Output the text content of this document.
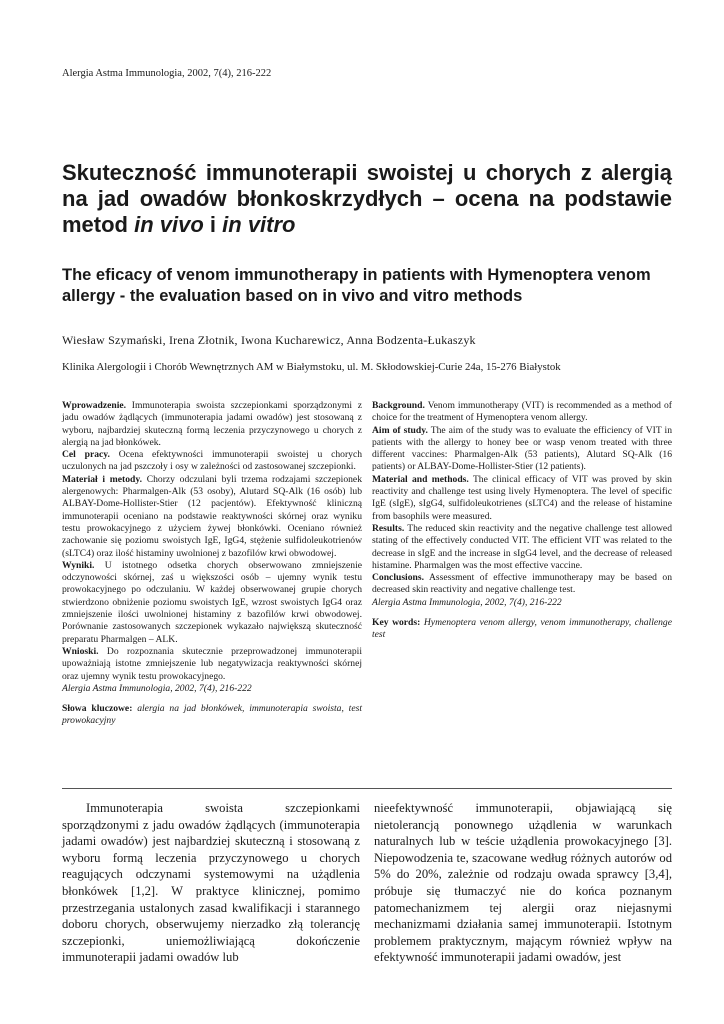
Alergia Astma Immunologia, 2002, 7(4), 216-222
Skuteczność immunoterapii swoistej u chorych z alergią na jad owadów błonkoskrzydłych – ocena na podstawie metod in vivo i in vitro
The eficacy of venom immunotherapy in patients with Hymenoptera venom allergy - the evaluation based on in vivo and vitro methods
Wiesław Szymański, Irena Złotnik, Iwona Kucharewicz, Anna Bodzenta-Łukaszyk
Klinika Alergologii i Chorób Wewnętrznych AM w Białymstoku, ul. M. Skłodowskiej-Curie 24a, 15-276 Białystok

Wprowadzenie. Immunoterapia swoista szczepionkami sporządzonymi z jadu owadów żądlących (immunoterapia jadami owadów) jest stosowaną z wyboru, najbardziej skuteczną formą leczenia przyczynowego u chorych z alergią na jad błonkówek.

Cel pracy. Ocena efektywności immunoterapii swoistej u chorych uczulonych na jad pszczoły i osy w zależności od zastosowanej szczepionki.

Materiał i metody. Chorzy odczulani byli trzema rodzajami szczepionek alergenowych: Pharmalgen-Alk (53 osoby), Alutard SQ-Alk (16 osób) lub ALBAY-Dome-Hollister-Stier (12 pacjentów). Efektywność kliniczną immunoterapii oceniano na podstawie reaktywności skórnej oraz wyniku testu prowokacyjnego z użyciem żywej błonkówki. Oceniano również zachowanie się poziomu swoistych IgE, IgG4, stężenie sulfidoleukotrienów (sLTC4) oraz ilość histaminy uwolnionej z bazofilów krwi obwodowej.

Wyniki. U istotnego odsetka chorych obserwowano zmniejszenie odczynowości skórnej, zaś u większości osób – ujemny wynik testu prowokacyjnego po odczulaniu. W każdej obserwowanej grupie chorych stwierdzono obniżenie poziomu swoistych IgE, wzrost swoistych IgG4 oraz zmniejszenie ilości uwolnionej histaminy z bazofilów krwi obwodowej. Porównanie zastosowanych szczepionek wykazało największą skuteczność preparatu Pharmalgen – ALK.

Wnioski. Do rozpoznania skutecznie przeprowadzonej immunoterapii upoważniają istotne zmniejszenie lub negatywizacja reaktywności skórnej oraz ujemny wynik testu prowokacyjnego.

Alergia Astma Immunologia, 2002, 7(4), 216-222

Słowa kluczowe: alergia na jad błonkówek, immunoterapia swoista, test prowokacyjny

Background. Venom immunotherapy (VIT) is recommended as a method of choice for the treatment of Hymenoptera venom allergy.

Aim of study. The aim of the study was to evaluate the efficiency of VIT in patients with the allergy to honey bee or wasp venom treated with three different vaccines: Pharmalgen-Alk (53 patients), Alutard SQ-Alk (16 patients) or ALBAY-Dome-Hollister-Stier (12 patients).

Material and methods. The clinical efficacy of VIT was proved by skin reactivity and challenge test using lively Hymenoptera. The level of specific IgE (sIgE), sIgG4, sulfidoleukotrienes (sLTC4) and the release of histamine from basophils were measured.

Results. The reduced skin reactivity and the negative challenge test allowed stating of the effectively conducted VIT. The efficient VIT was related to the decrease in sIgE and the increase in sIgG4 level, and the decrease of released histamine. Pharmalgen was the most effective vaccine.

Conclusions. Assessment of effective immunotherapy may be based on decreased skin reactivity and negative challenge test.

Alergia Astma Immunologia, 2002, 7(4), 216-222

Key words: Hymenoptera venom allergy, venom immunotherapy, challenge test

Immunoterapia swoista szczepionkami sporządzonymi z jadu owadów żądlących (immunoterapia jadami owadów) jest najbardziej skuteczną i stosowaną z wyboru formą leczenia przyczynowego u chorych reagujących odczynami systemowymi na użądlenia błonkówek [1,2]. W praktyce klinicznej, pomimo przestrzegania ustalonych zasad kwalifikacji i starannego doboru chorych, obserwujemy nierzadko złą tolerancję szczepionki, uniemożliwiającą dokończenie immunoterapii jadami owadów lub

nieefektywność immunoterapii, objawiającą się nietolerancją ponownego użądlenia w warunkach naturalnych lub w teście użądlenia prowokacyjnego [3]. Niepowodzenia te, szacowane według różnych autorów od 5% do 20%, zależnie od rodzaju owada sprawcy [3,4], próbuje się tłumaczyć nie do końca poznanym patomechanizmem tej alergii oraz niejasnymi mechanizmami działania samej immunoterapii. Istotnym problemem praktycznym, mającym również wpływ na efektywność immunoterapii jadami owadów, jest
